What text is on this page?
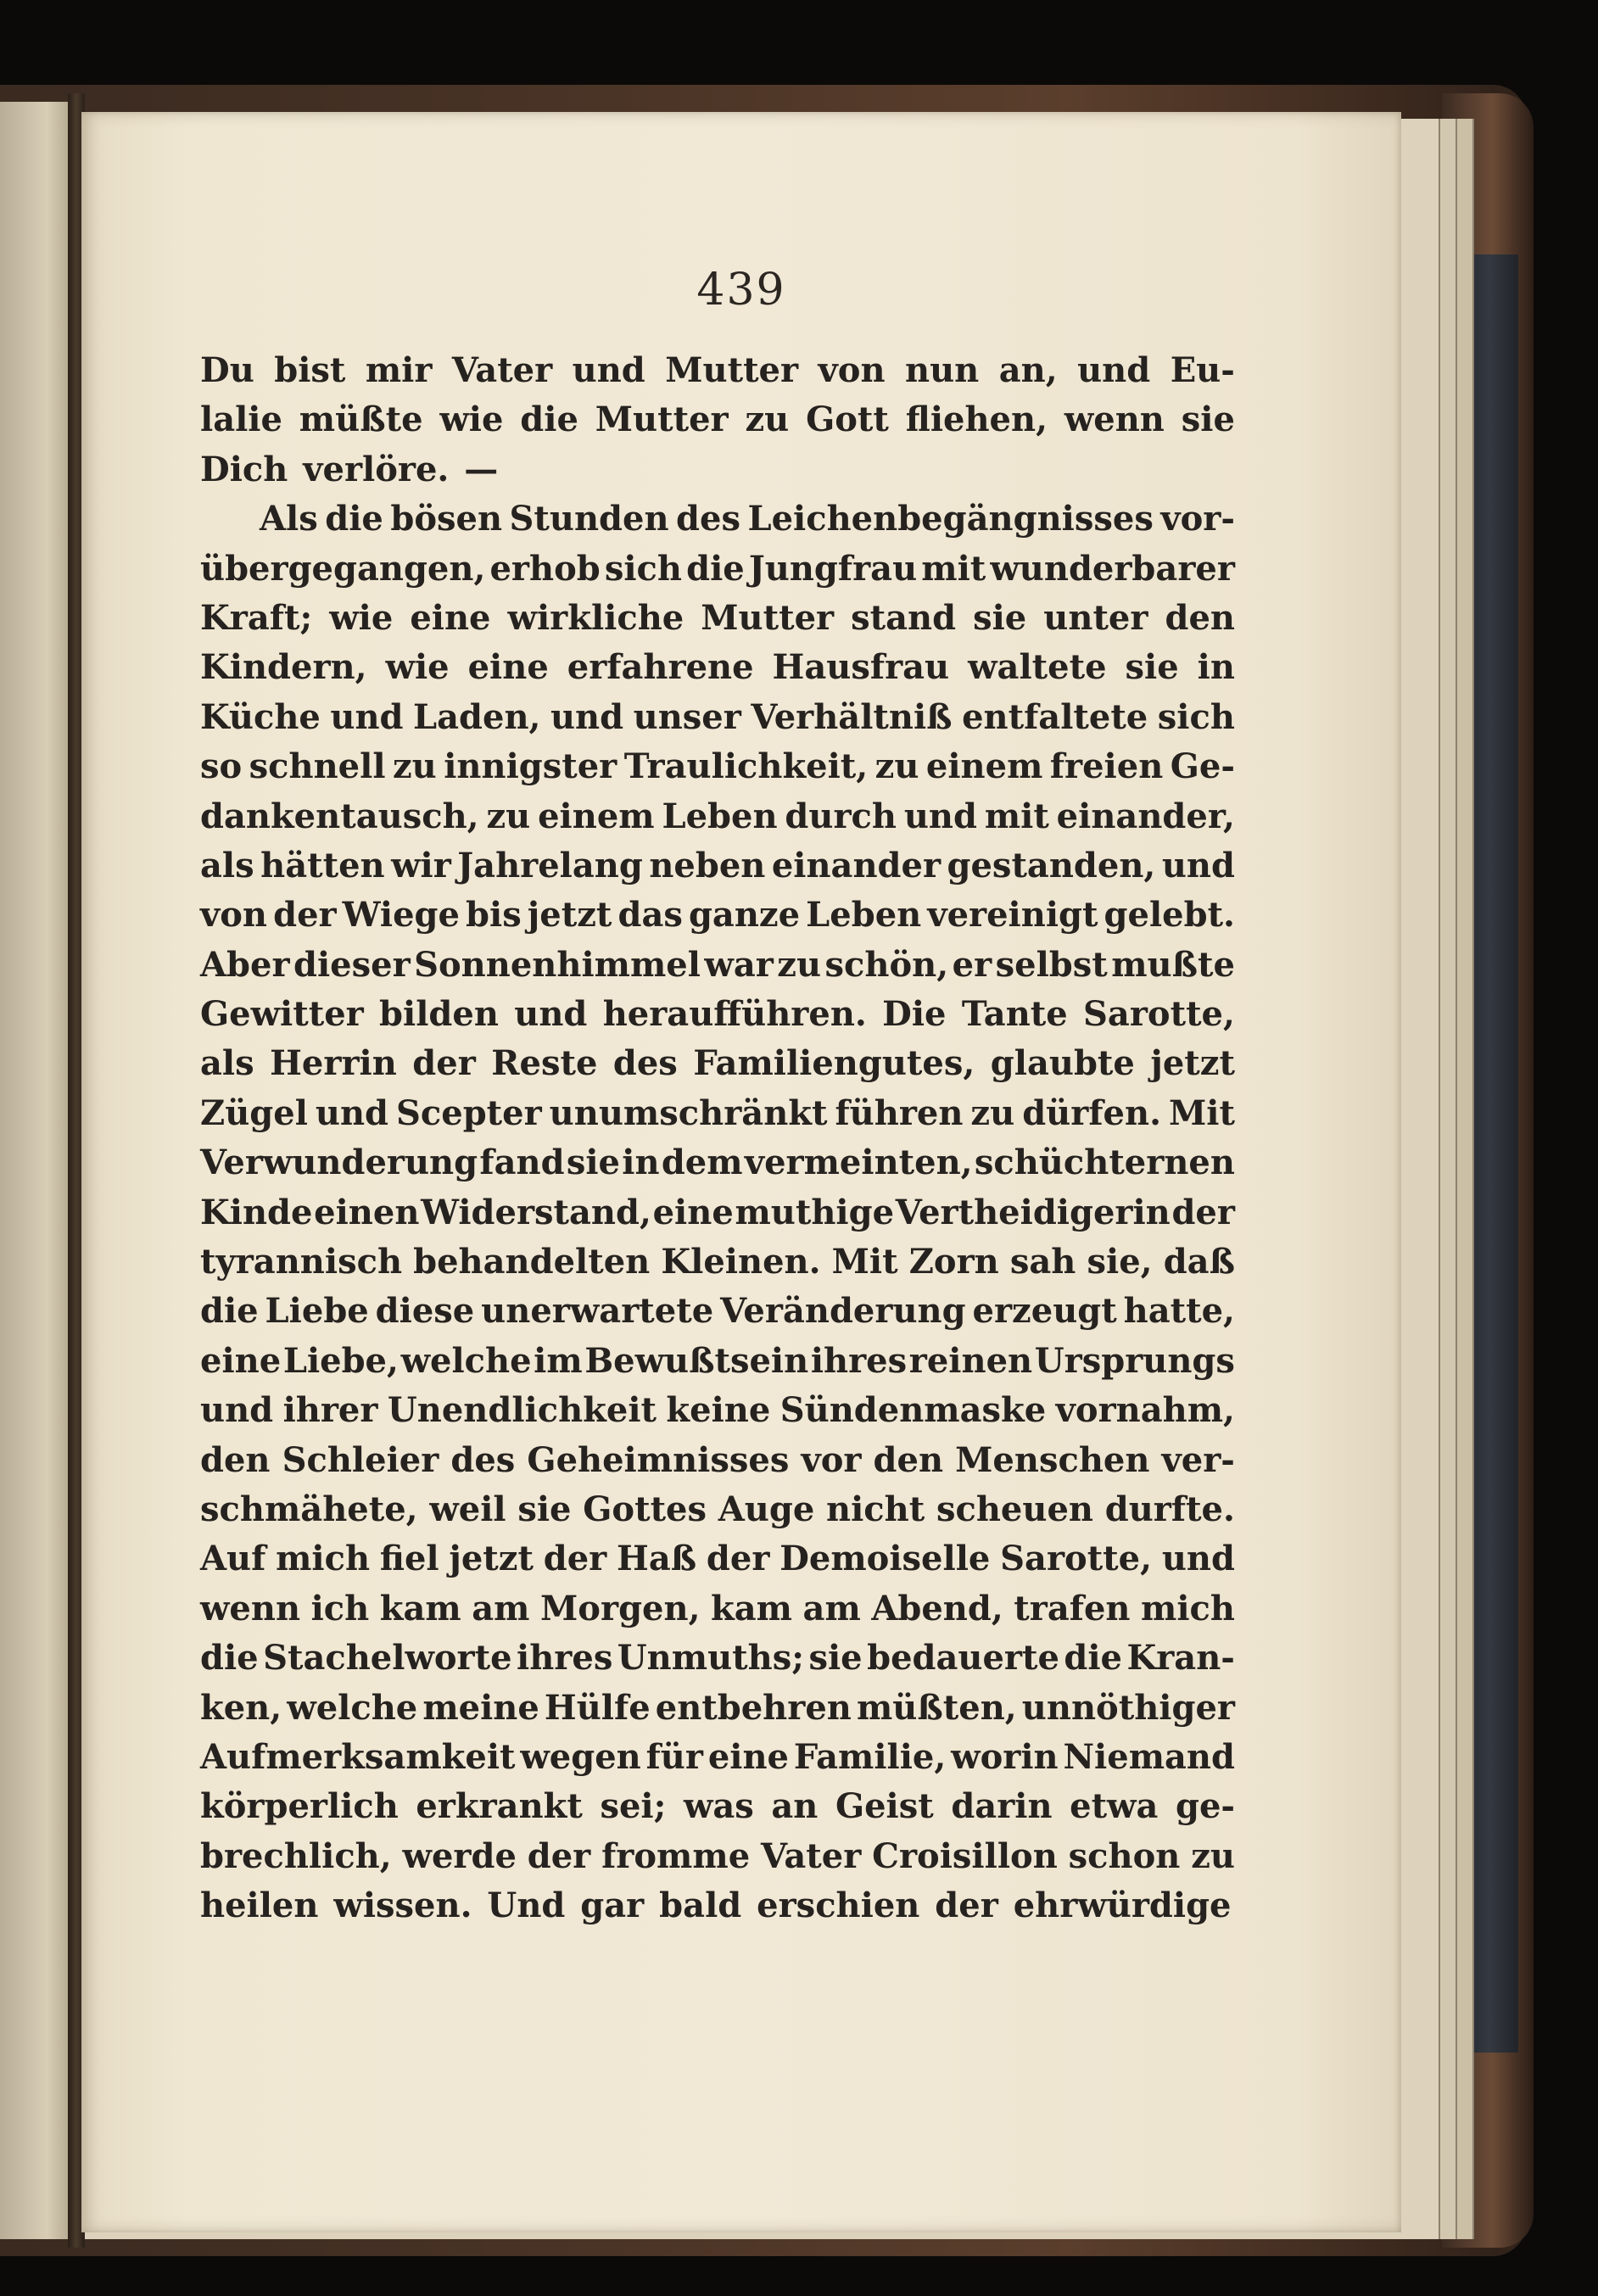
439
Du bist mir Vater und Mutter von nun an, und Eu-
lalie müßte wie die Mutter zu Gott fliehen, wenn sie
Dich verlöre. —
Als die bösen Stunden des Leichenbegängnisses vor-
übergegangen, erhob sich die Jungfrau mit wunderbarer
Kraft; wie eine wirkliche Mutter stand sie unter den
Kindern, wie eine erfahrene Hausfrau waltete sie in
Küche und Laden, und unser Verhältniß entfaltete sich
so schnell zu innigster Traulichkeit, zu einem freien Ge-
dankentausch, zu einem Leben durch und mit einander,
als hätten wir Jahrelang neben einander gestanden, und
von der Wiege bis jetzt das ganze Leben vereinigt gelebt.
Aber dieser Sonnenhimmel war zu schön, er selbst mußte
Gewitter bilden und heraufführen. Die Tante Sarotte,
als Herrin der Reste des Familiengutes, glaubte jetzt
Zügel und Scepter unumschränkt führen zu dürfen. Mit
Verwunderung fand sie in dem vermeinten, schüchternen
Kinde einen Widerstand, eine muthige Vertheidigerin der
tyrannisch behandelten Kleinen. Mit Zorn sah sie, daß
die Liebe diese unerwartete Veränderung erzeugt hatte,
eine Liebe, welche im Bewußtsein ihres reinen Ursprungs
und ihrer Unendlichkeit keine Sündenmaske vornahm,
den Schleier des Geheimnisses vor den Menschen ver-
schmähete, weil sie Gottes Auge nicht scheuen durfte.
Auf mich fiel jetzt der Haß der Demoiselle Sarotte, und
wenn ich kam am Morgen, kam am Abend, trafen mich
die Stachelworte ihres Unmuths; sie bedauerte die Kran-
ken, welche meine Hülfe entbehren müßten, unnöthiger
Aufmerksamkeit wegen für eine Familie, worin Niemand
körperlich erkrankt sei; was an Geist darin etwa ge-
brechlich, werde der fromme Vater Croisillon schon zu
heilen wissen. Und gar bald erschien der ehrwürdige
